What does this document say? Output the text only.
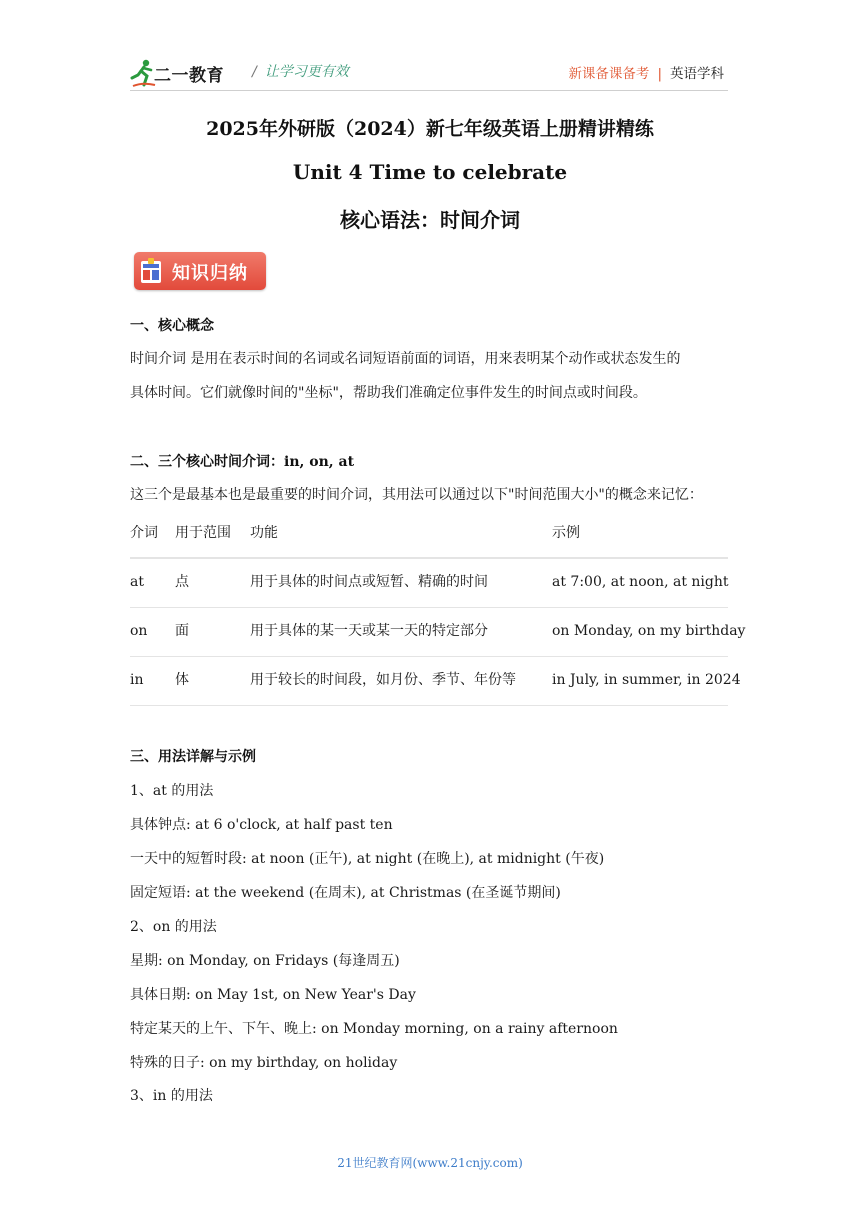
二一教育 / 让学习更有效	新课备课备考 | 英语学科
2025年外研版（2024）新七年级英语上册精讲精练
Unit 4 Time to celebrate
核心语法：时间介词
知识归纳
一、核心概念
时间介词 是用在表示时间的名词或名词短语前面的词语，用来表明某个动作或状态发生的
具体时间。它们就像时间的"坐标"，帮助我们准确定位事件发生的时间点或时间段。
二、三个核心时间介词：in, on, at
这三个是最基本也是最重要的时间介词，其用法可以通过以下"时间范围大小"的概念来记忆：
介词 用于范围 功能	示例
at 点	用于具体的时间点或短暂、精确的时间	at 7:00, at noon, at night
on 面	用于具体的某一天或某一天的特定部分	on Monday, on my birthday
in 体	用于较长的时间段，如月份、季节、年份等	in July, in summer, in 2024
三、用法详解与示例
1、at 的用法
具体钟点: at 6 o'clock, at half past ten
一天中的短暂时段: at noon (正午), at night (在晚上), at midnight (午夜)
固定短语: at the weekend (在周末), at Christmas (在圣诞节期间)
2、on 的用法
星期: on Monday, on Fridays (每逢周五)
具体日期: on May 1st, on New Year's Day
特定某天的上午、下午、晚上: on Monday morning, on a rainy afternoon
特殊的日子: on my birthday, on holiday
3、in 的用法
21世纪教育网(www.21cnjy.com)
